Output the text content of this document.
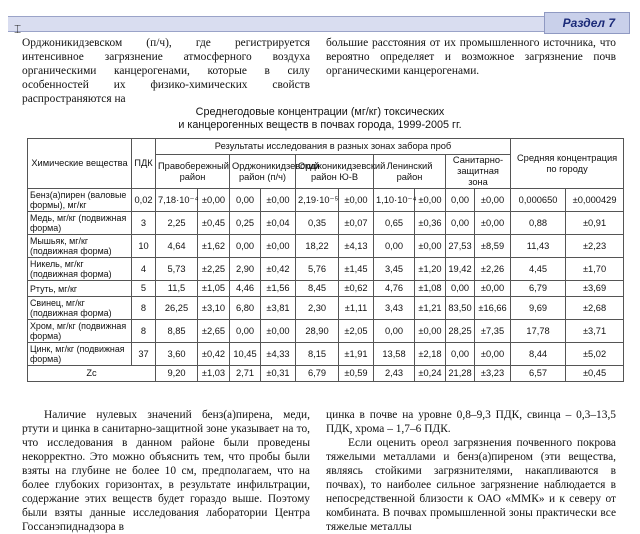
Раздел 7
⌶

Орджоникидзевском (п/ч), где регистрируется интенсивное загрязнение атмосферного воздуха органическими канцерогенами, которые в силу особенностей их физико-химических свойств распространяются на

большие расстояния от их промышленного источника, что вероятно определяет и возможное загрязнение почв органическими канцерогенами.

Среднегодовые концентрации (мг/кг) токсических
и канцерогенных веществ в почвах города, 1999-2005 гг.
Химические вещества	ПДК	Результаты исследования в разных зонах забора проб										Средняя концентрация по городу	
		Правобережный район		Орджоникидзевский район (п/ч)		Орджоникидзевский район Ю-В		Ленинский район		Санитарно-защитная зона			
Бенз(а)пирен (валовые формы), мг/кг	0,02	7,18·10⁻⁴	±0,00	0,00	±0,00	2,19·10⁻⁵	±0,00	1,10·10⁻⁴	±0,00	0,00	±0,00	0,000650	±0,000429
Медь, мг/кг (подвижная форма)	3	2,25	±0,45	0,25	±0,04	0,35	±0,07	0,65	±0,36	0,00	±0,00	0,88	±0,91
Мышьяк, мг/кг (подвижная форма)	10	4,64	±1,62	0,00	±0,00	18,22	±4,13	0,00	±0,00	27,53	±8,59	11,43	±2,23
Никель, мг/кг (подвижная форма)	4	5,73	±2,25	2,90	±0,42	5,76	±1,45	3,45	±1,20	19,42	±2,26	4,45	±1,70
Ртуть, мг/кг	5	11,5	±1,05	4,46	±1,56	8,45	±0,62	4,76	±1,08	0,00	±0,00	6,79	±3,69
Свинец, мг/кг (подвижная форма)	8	26,25	±3,10	6,80	±3,81	2,30	±1,11	3,43	±1,21	83,50	±16,66	9,69	±2,68
Хром, мг/кг (подвижная форма)	8	8,85	±2,65	0,00	±0,00	28,90	±2,05	0,00	±0,00	28,25	±7,35	17,78	±3,71
Цинк, мг/кг (подвижная форма)	37	3,60	±0,42	10,45	±4,33	8,15	±1,91	13,58	±2,18	0,00	±0,00	8,44	±5,02
Zc		9,20	±1,03	2,71	±0,31	6,79	±0,59	2,43	±0,24	21,28	±3,23	6,57	±0,45

Наличие нулевых значений бенз(а)пирена, меди, ртути и цинка в санитарно-защитной зоне указывает на то, что исследования в данном районе были проведены некорректно. Это можно объяснить тем, что пробы были взяты на глубине не более 10 см, предполагаем, что на более глубоких горизонтах, в результате инфильтрации, содержание этих веществ будет гораздо выше. Поэтому были взяты данные исследования лаборатории Центра Госсанэпиднадзора в

цинка в почве на уровне 0,8–9,3 ПДК, свинца – 0,3–13,5 ПДК, хрома – 1,7–6 ПДК.

Если оценить ореол загрязнения почвенного покрова тяжелыми металлами и бенз(а)пиреном (эти вещества, являясь стойкими загрязнителями, накапливаются в почвах), то наиболее сильное загрязнение наблюдается в непосредственной близости к ОАО «ММК» и к северу от комбината. В почвах промышленной зоны практически все тяжелые металлы
